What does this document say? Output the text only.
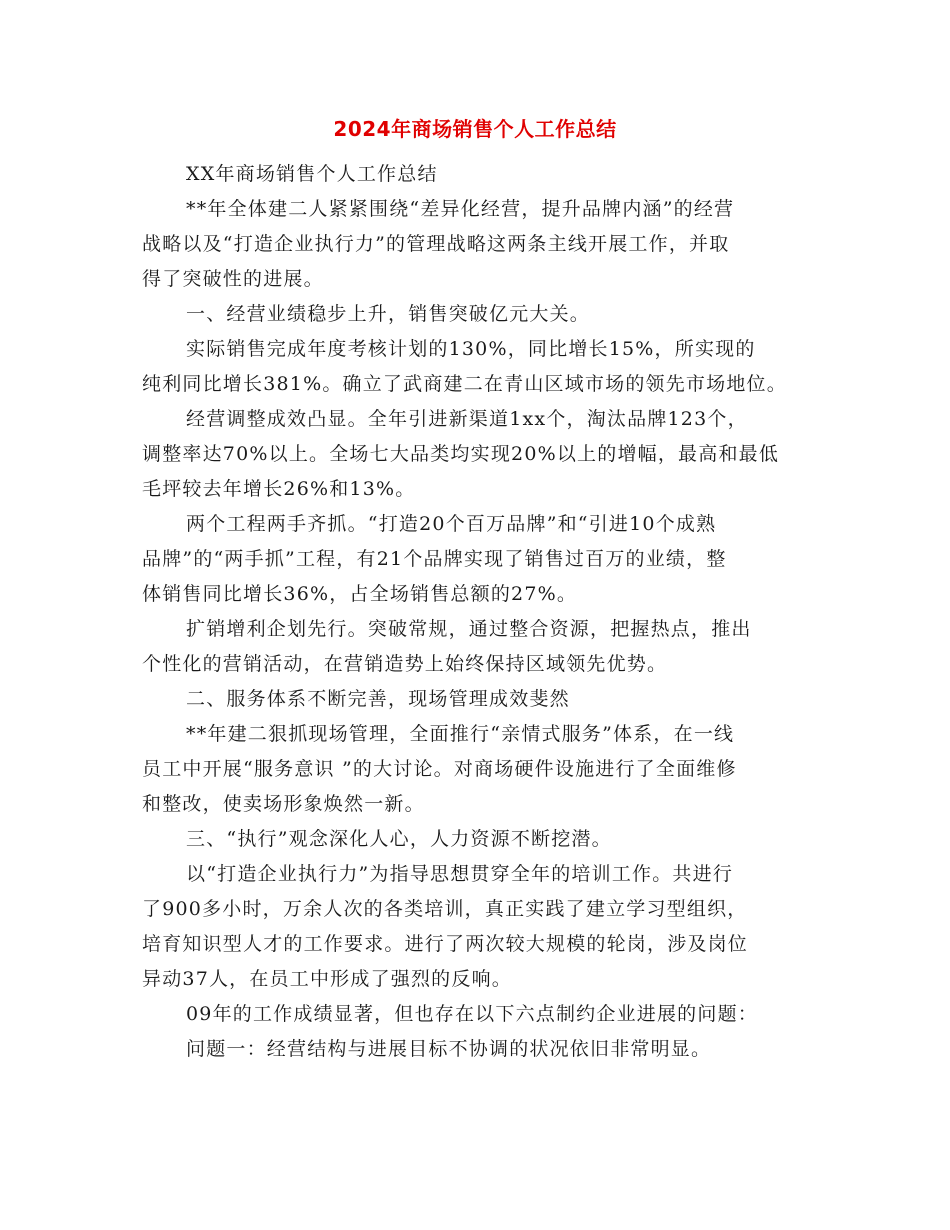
2024年商场销售个人工作总结
XX年商场销售个人工作总结
**年全体建二人紧紧围绕“差异化经营，提升品牌内涵”的经营
战略以及“打造企业执行力”的管理战略这两条主线开展工作，并取
得了突破性的进展。
一、经营业绩稳步上升，销售突破亿元大关。
实际销售完成年度考核计划的130%，同比增长15%，所实现的
纯利同比增长381%。确立了武商建二在青山区域市场的领先市场地位。
经营调整成效凸显。全年引进新渠道1xx个，淘汰品牌123个，
调整率达70%以上。全场七大品类均实现20%以上的增幅，最高和最低
毛坪较去年增长26%和13%。
两个工程两手齐抓。“打造20个百万品牌”和“引进10个成熟
品牌”的“两手抓”工程，有21个品牌实现了销售过百万的业绩，整
体销售同比增长36%，占全场销售总额的27%。
扩销增利企划先行。突破常规，通过整合资源，把握热点，推出
个性化的营销活动，在营销造势上始终保持区域领先优势。
二、服务体系不断完善，现场管理成效斐然
**年建二狠抓现场管理，全面推行“亲情式服务”体系，在一线
员工中开展“服务意识 ”的大讨论。对商场硬件设施进行了全面维修
和整改，使卖场形象焕然一新。
三、“执行”观念深化人心，人力资源不断挖潜。
以“打造企业执行力”为指导思想贯穿全年的培训工作。共进行
了900多小时，万余人次的各类培训，真正实践了建立学习型组织，
培育知识型人才的工作要求。进行了两次较大规模的轮岗，涉及岗位
异动37人，在员工中形成了强烈的反响。
09年的工作成绩显著，但也存在以下六点制约企业进展的问题：
问题一：经营结构与进展目标不协调的状况依旧非常明显。
